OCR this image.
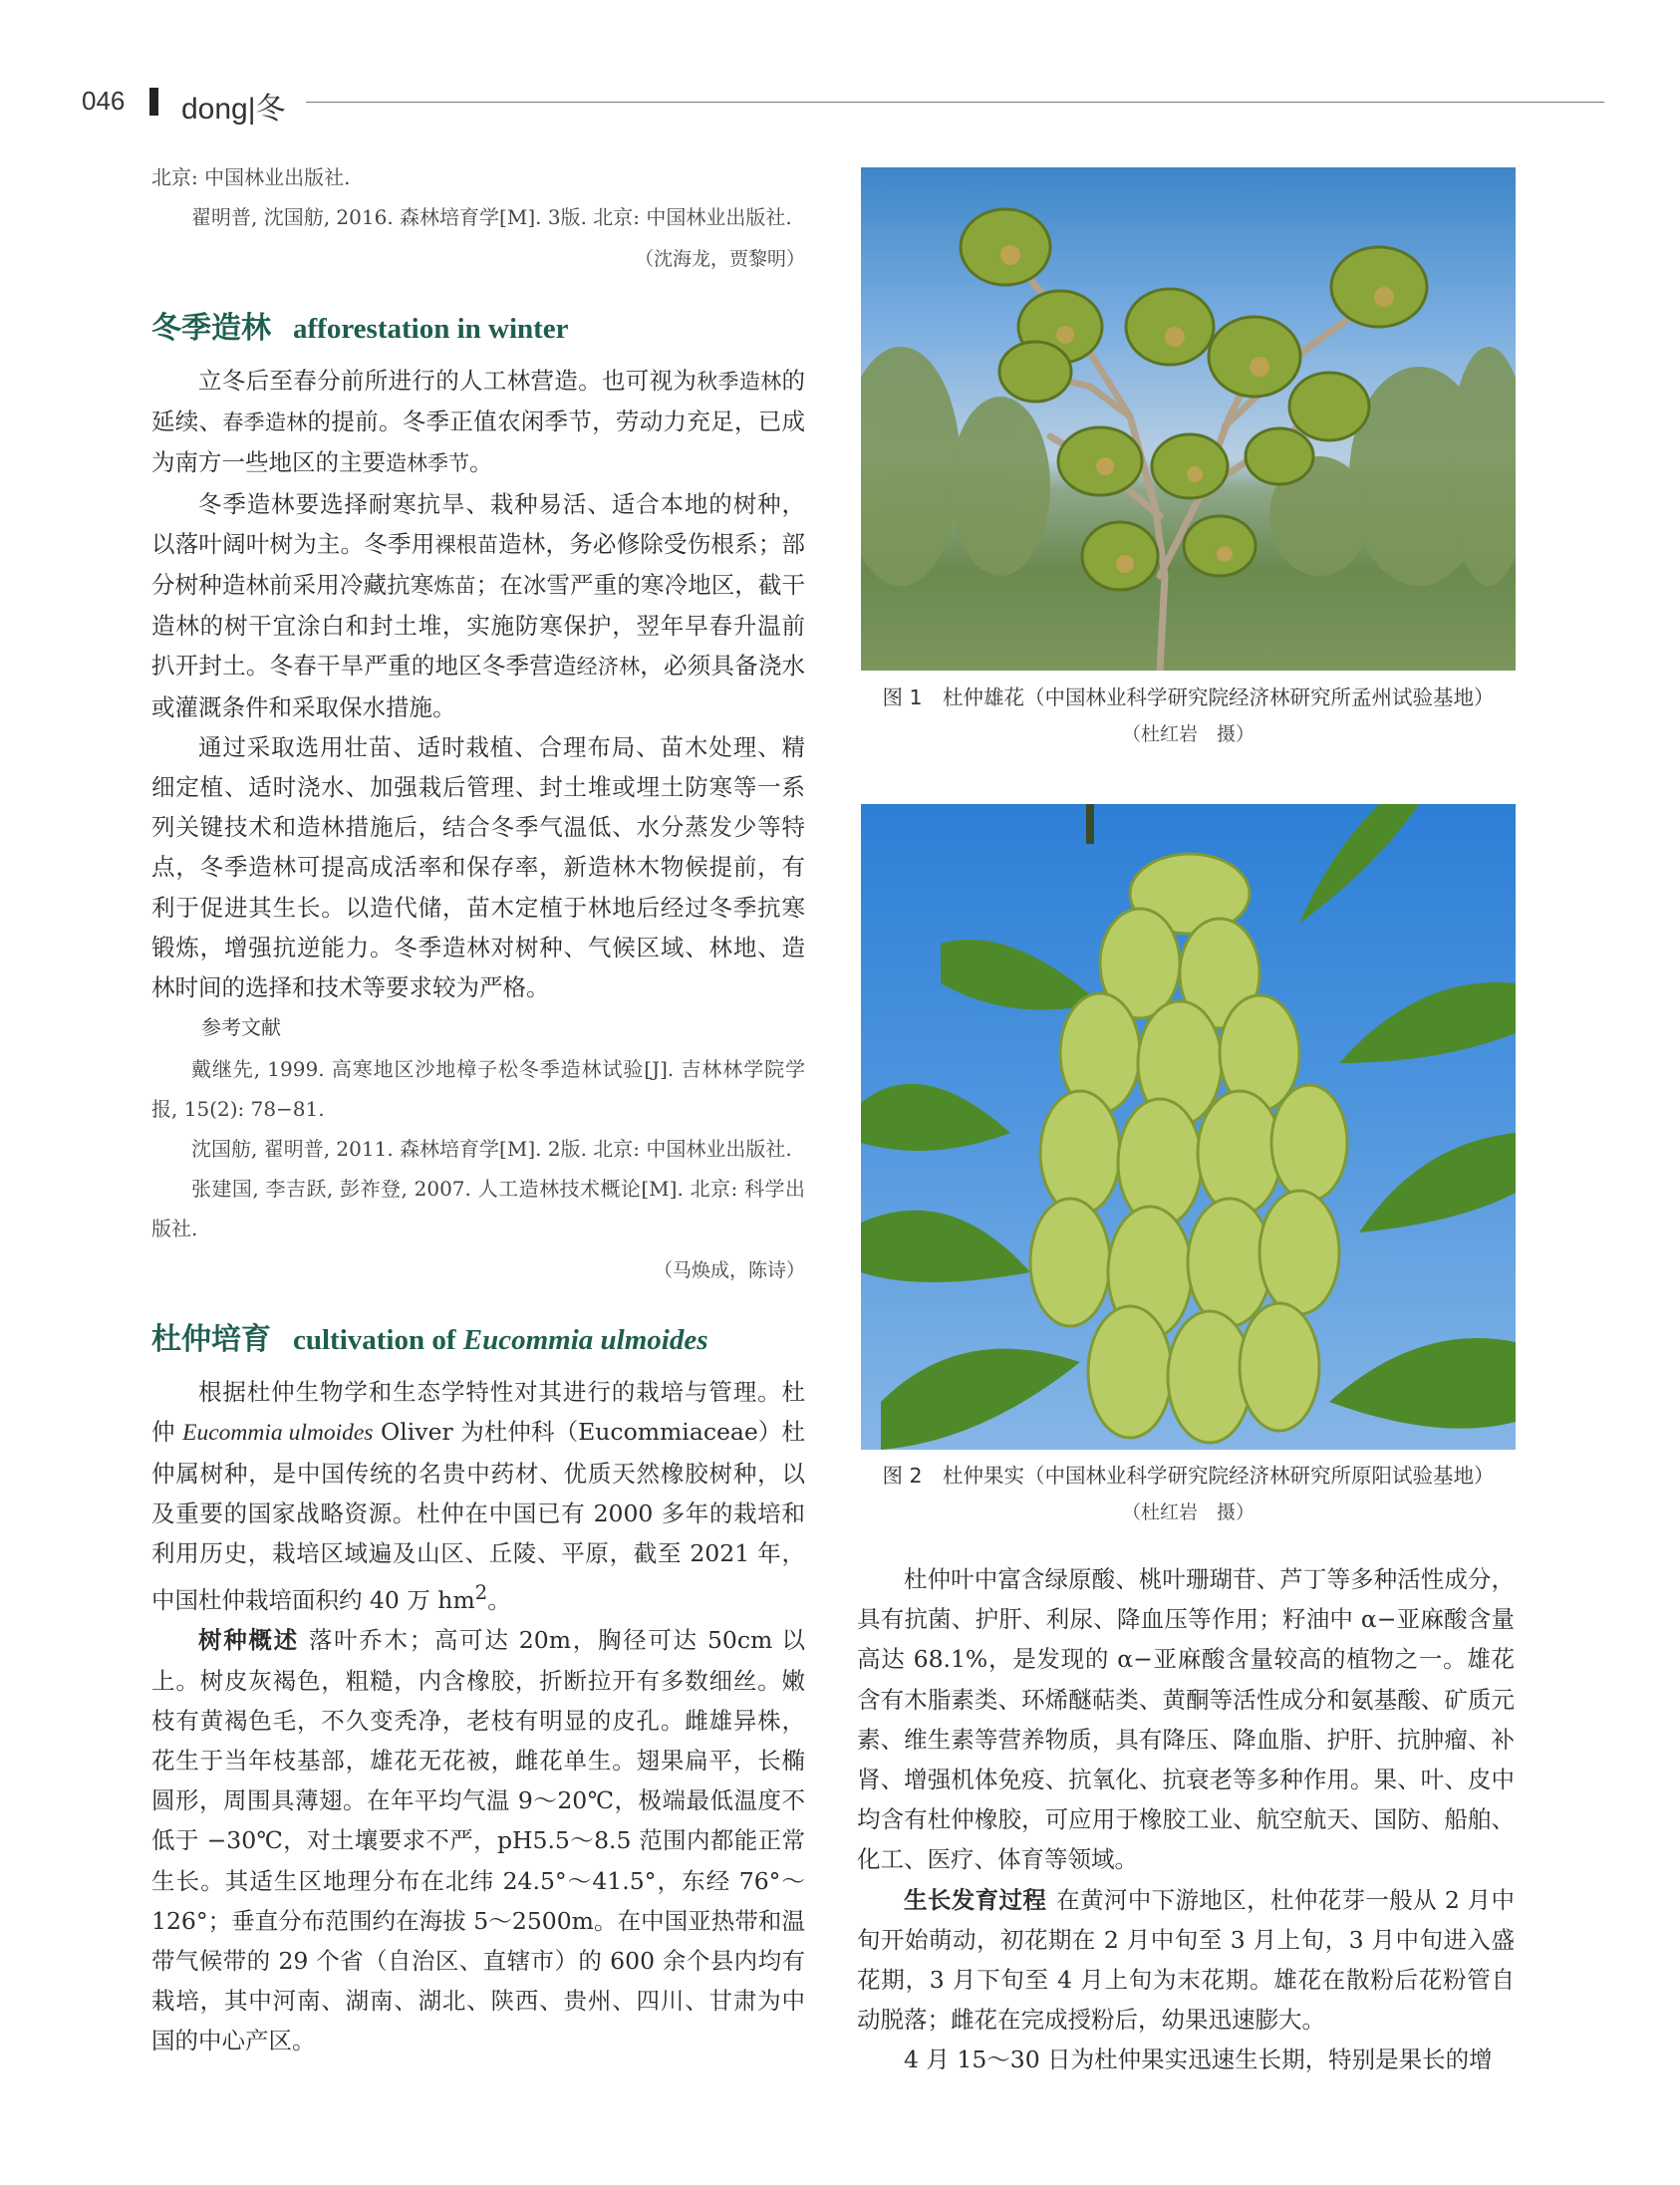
046 dong|冬

北京: 中国林业出版社.

翟明普, 沈国舫, 2016. 森林培育学[M]. 3版. 北京: 中国林业出版社.

（沈海龙，贾黎明）

冬季造林 afforestation in winter

立冬后至春分前所进行的人工林营造。也可视为秋季造林的延续、春季造林的提前。冬季正值农闲季节，劳动力充足，已成为南方一些地区的主要造林季节。

冬季造林要选择耐寒抗旱、栽种易活、适合本地的树种，以落叶阔叶树为主。冬季用裸根苗造林，务必修除受伤根系；部分树种造林前采用冷藏抗寒炼苗；在冰雪严重的寒冷地区，截干造林的树干宜涂白和封土堆，实施防寒保护，翌年早春升温前扒开封土。冬春干旱严重的地区冬季营造经济林，必须具备浇水或灌溉条件和采取保水措施。

通过采取选用壮苗、适时栽植、合理布局、苗木处理、精细定植、适时浇水、加强栽后管理、封土堆或埋土防寒等一系列关键技术和造林措施后，结合冬季气温低、水分蒸发少等特点，冬季造林可提高成活率和保存率，新造林木物候提前，有利于促进其生长。以造代储，苗木定植于林地后经过冬季抗寒锻炼，增强抗逆能力。冬季造林对树种、气候区域、林地、造林时间的选择和技术等要求较为严格。

参考文献

戴继先, 1999. 高寒地区沙地樟子松冬季造林试验[J]. 吉林林学院学报, 15(2): 78−81.

沈国舫, 翟明普, 2011. 森林培育学[M]. 2版. 北京: 中国林业出版社.

张建国, 李吉跃, 彭祚登, 2007. 人工造林技术概论[M]. 北京: 科学出版社.

（马焕成，陈诗）

杜仲培育 cultivation of Eucommia ulmoides

根据杜仲生物学和生态学特性对其进行的栽培与管理。杜仲 Eucommia ulmoides Oliver 为杜仲科（Eucommiaceae）杜仲属树种，是中国传统的名贵中药材、优质天然橡胶树种，以及重要的国家战略资源。杜仲在中国已有 2000 多年的栽培和利用历史，栽培区域遍及山区、丘陵、平原，截至 2021 年，中国杜仲栽培面积约 40 万 $hm^2$。

树种概述 落叶乔木；高可达 20m，胸径可达 50cm 以上。树皮灰褐色，粗糙，内含橡胶，折断拉开有多数细丝。嫩枝有黄褐色毛，不久变秃净，老枝有明显的皮孔。雌雄异株，花生于当年枝基部，雄花无花被，雌花单生。翅果扁平，长椭圆形，周围具薄翅。在年平均气温 9～20℃，极端最低温度不低于 −30℃，对土壤要求不严，pH5.5～8.5 范围内都能正常生长。其适生区地理分布在北纬 24.5°～41.5°，东经 76°～126°；垂直分布范围约在海拔 5～2500m。在中国亚热带和温带气候带的 29 个省（自治区、直辖市）的 600 余个县内均有栽培，其中河南、湖南、湖北、陕西、贵州、四川、甘肃为中国的中心产区。

图 1　杜仲雄花（中国林业科学研究院经济林研究所孟州试验基地）
（杜红岩　摄）
图 2　杜仲果实（中国林业科学研究院经济林研究所原阳试验基地）
（杜红岩　摄）

杜仲叶中富含绿原酸、桃叶珊瑚苷、芦丁等多种活性成分，具有抗菌、护肝、利尿、降血压等作用；籽油中 α−亚麻酸含量高达 68.1%，是发现的 α−亚麻酸含量较高的植物之一。雄花含有木脂素类、环烯醚萜类、黄酮等活性成分和氨基酸、矿质元素、维生素等营养物质，具有降压、降血脂、护肝、抗肿瘤、补肾、增强机体免疫、抗氧化、抗衰老等多种作用。果、叶、皮中均含有杜仲橡胶，可应用于橡胶工业、航空航天、国防、船舶、化工、医疗、体育等领域。

生长发育过程 在黄河中下游地区，杜仲花芽一般从 2 月中旬开始萌动，初花期在 2 月中旬至 3 月上旬，3 月中旬进入盛花期，3 月下旬至 4 月上旬为末花期。雄花在散粉后花粉管自动脱落；雌花在完成授粉后，幼果迅速膨大。

4 月 15～30 日为杜仲果实迅速生长期，特别是果长的增
